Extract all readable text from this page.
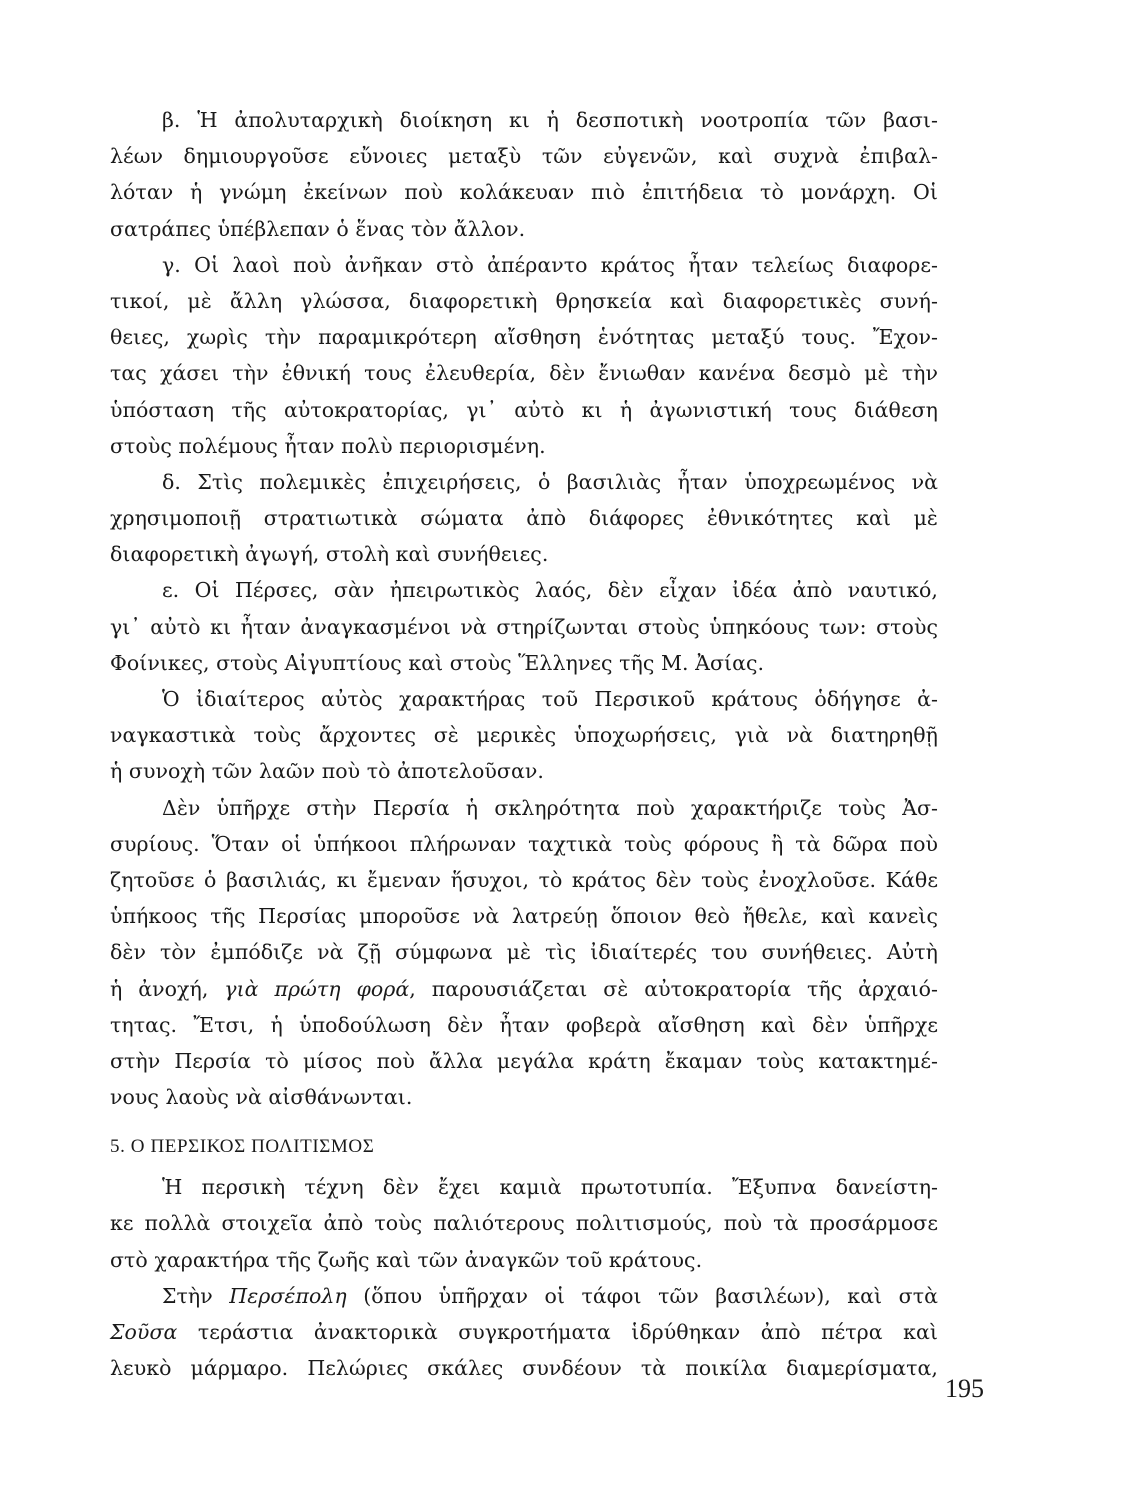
β. Ἡ ἀπολυταρχικὴ διοίκηση κι ἡ δεσποτικὴ νοοτροπία τῶν βασι-
λέων δημιουργοῦσε εὔνοιες μεταξὺ τῶν εὐγενῶν, καὶ συχνὰ ἐπιβαλ-
λόταν ἡ γνώμη ἐκείνων ποὺ κολάκευαν πιὸ ἐπιτήδεια τὸ μονάρχη. Οἱ
σατράπες ὑπέβλεπαν ὁ ἕνας τὸν ἄλλον.
γ. Οἱ λαοὶ ποὺ ἀνῆκαν στὸ ἀπέραντο κράτος ἦταν τελείως διαφορε-
τικοί, μὲ ἄλλη γλώσσα, διαφορετικὴ θρησκεία καὶ διαφορετικὲς συνή-
θειες, χωρὶς τὴν παραμικρότερη αἴσθηση ἑνότητας μεταξύ τους. Ἔχον-
τας χάσει τὴν ἐθνική τους ἐλευθερία, δὲν ἔνιωθαν κανένα δεσμὸ μὲ τὴν
ὑπόσταση τῆς αὐτοκρατορίας, γι᾽ αὐτὸ κι ἡ ἀγωνιστική τους διάθεση
στοὺς πολέμους ἦταν πολὺ περιορισμένη.
δ. Στὶς πολεμικὲς ἐπιχειρήσεις, ὁ βασιλιὰς ἦταν ὑποχρεωμένος νὰ
χρησιμοποιῇ στρατιωτικὰ σώματα ἀπὸ διάφορες ἐθνικότητες καὶ μὲ
διαφορετικὴ ἀγωγή, στολὴ καὶ συνήθειες.
ε. Οἱ Πέρσες, σὰν ἠπειρωτικὸς λαός, δὲν εἶχαν ἰδέα ἀπὸ ναυτικό,
γι᾽ αὐτὸ κι ἦταν ἀναγκασμένοι νὰ στηρίζωνται στοὺς ὑπηκόους των: στοὺς
Φοίνικες, στοὺς Αἰγυπτίους καὶ στοὺς Ἕλληνες τῆς Μ. Ἀσίας.
Ὁ ἰδιαίτερος αὐτὸς χαρακτήρας τοῦ Περσικοῦ κράτους ὁδήγησε ἀ-
ναγκαστικὰ τοὺς ἄρχοντες σὲ μερικὲς ὑποχωρήσεις, γιὰ νὰ διατηρηθῇ
ἡ συνοχὴ τῶν λαῶν ποὺ τὸ ἀποτελοῦσαν.
Δὲν ὑπῆρχε στὴν Περσία ἡ σκληρότητα ποὺ χαρακτήριζε τοὺς Ἀσ-
συρίους. Ὅταν οἱ ὑπήκοοι πλήρωναν ταχτικὰ τοὺς φόρους ἢ τὰ δῶρα ποὺ
ζητοῦσε ὁ βασιλιάς, κι ἔμεναν ἥσυχοι, τὸ κράτος δὲν τοὺς ἐνοχλοῦσε. Κάθε
ὑπήκοος τῆς Περσίας μποροῦσε νὰ λατρεύῃ ὅποιον θεὸ ἤθελε, καὶ κανεὶς
δὲν τὸν ἐμπόδιζε νὰ ζῇ σύμφωνα μὲ τὶς ἰδιαίτερές του συνήθειες. Αὐτὴ
ἡ ἀνοχή, γιὰ πρώτη φορά, παρουσιάζεται σὲ αὐτοκρατορία τῆς ἀρχαιό-
τητας. Ἔτσι, ἡ ὑποδούλωση δὲν ἦταν φοβερὰ αἴσθηση καὶ δὲν ὑπῆρχε
στὴν Περσία τὸ μίσος ποὺ ἄλλα μεγάλα κράτη ἔκαμαν τοὺς κατακτημέ-
νους λαοὺς νὰ αἰσθάνωνται.
5. Ο ΠΕΡΣΙΚΟΣ ΠΟΛΙΤΙΣΜΟΣ
Ἡ περσικὴ τέχνη δὲν ἔχει καμιὰ πρωτοτυπία. Ἔξυπνα δανείστη-
κε πολλὰ στοιχεῖα ἀπὸ τοὺς παλιότερους πολιτισμούς, ποὺ τὰ προσάρμοσε
στὸ χαρακτήρα τῆς ζωῆς καὶ τῶν ἀναγκῶν τοῦ κράτους.
Στὴν Περσέπολη (ὅπου ὑπῆρχαν οἱ τάφοι τῶν βασιλέων), καὶ στὰ
Σοῦσα τεράστια ἀνακτορικὰ συγκροτήματα ἱδρύθηκαν ἀπὸ πέτρα καὶ
λευκὸ μάρμαρο. Πελώριες σκάλες συνδέουν τὰ ποικίλα διαμερίσματα,
195
